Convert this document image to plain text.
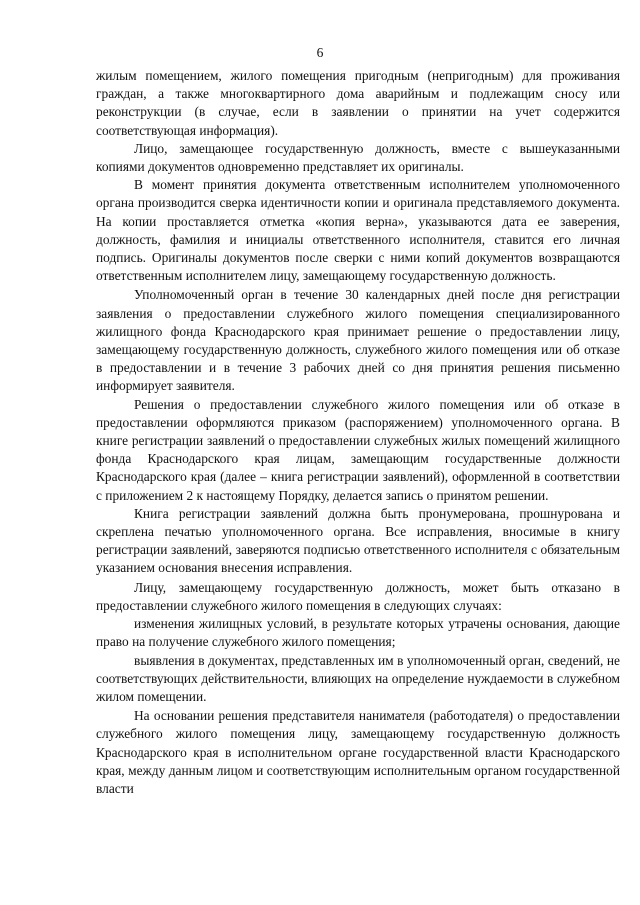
6

жилым помещением, жилого помещения пригодным (непригодным) для проживания граждан, а также многоквартирного дома аварийным и подлежащим сносу или реконструкции (в случае, если в заявлении о принятии на учет содержится соответствующая информация).

Лицо, замещающее государственную должность, вместе с вышеуказанными копиями документов одновременно представляет их оригиналы.

В момент принятия документа ответственным исполнителем уполномоченного органа производится сверка идентичности копии и оригинала представляемого документа. На копии проставляется отметка «копия верна», указываются дата ее заверения, должность, фамилия и инициалы ответственного исполнителя, ставится его личная подпись. Оригиналы документов после сверки с ними копий документов возвращаются ответственным исполнителем лицу, замещающему государственную должность.

Уполномоченный орган в течение 30 календарных дней после дня регистрации заявления о предоставлении служебного жилого помещения специализированного жилищного фонда Краснодарского края принимает решение о предоставлении лицу, замещающему государственную должность, служебного жилого помещения или об отказе в предоставлении и в течение 3 рабочих дней со дня принятия решения письменно информирует заявителя.

Решения о предоставлении служебного жилого помещения или об отказе в предоставлении оформляются приказом (распоряжением) уполномоченного органа. В книге регистрации заявлений о предоставлении служебных жилых помещений жилищного фонда Краснодарского края лицам, замещающим государственные должности Краснодарского края (далее – книга регистрации заявлений), оформленной в соответствии с приложением 2 к настоящему Порядку, делается запись о принятом решении.

Книга регистрации заявлений должна быть пронумерована, прошнурована и скреплена печатью уполномоченного органа. Все исправления, вносимые в книгу регистрации заявлений, заверяются подписью ответственного исполнителя с обязательным указанием основания внесения исправления.

Лицу, замещающему государственную должность, может быть отказано в предоставлении служебного жилого помещения в следующих случаях:

изменения жилищных условий, в результате которых утрачены основания, дающие право на получение служебного жилого помещения;

выявления в документах, представленных им в уполномоченный орган, сведений, не соответствующих действительности, влияющих на определение нуждаемости в служебном жилом помещении.

На основании решения представителя нанимателя (работодателя) о предоставлении служебного жилого помещения лицу, замещающему государственную должность Краснодарского края в исполнительном органе государственной власти Краснодарского края, между данным лицом и соответствующим исполнительным органом государственной власти
